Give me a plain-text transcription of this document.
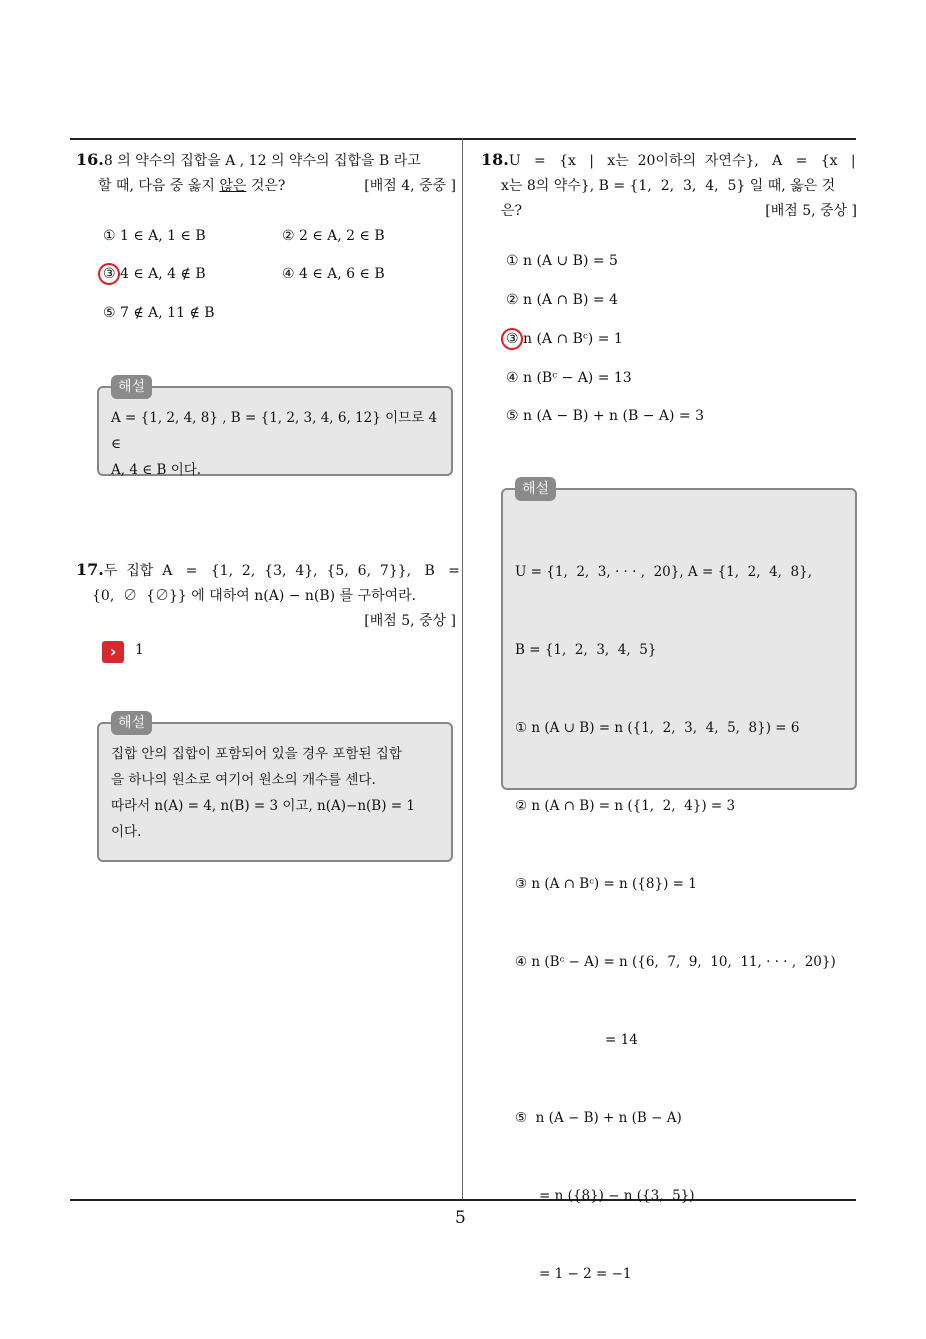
5
16.8 의 약수의 집합을 A , 12 의 약수의 집합을 B 라고
할 때, 다음 중 옳지 않은 것은?	[배점 4, 중중 ]
① 1 ∈ A, 1 ∈ B	② 2 ∈ A, 2 ∈ B
③ 4 ∈ A, 4 ∉ B	④ 4 ∈ A, 6 ∈ B
⑤ 7 ∉ A, 11 ∉ B
해설
A = {1, 2, 4, 8} , B = {1, 2, 3, 4, 6, 12} 이므로 4 ∈
A, 4 ∈ B 이다.
17.두  집합  A   =   {1,  2,  {3,  4},  {5,  6,  7}},   B   =
{0,  ∅  {∅}} 에 대하여 n(A) − n(B) 를 구하여라.
[배점 5, 중상 ]
›	1
해설
집합 안의 집합이 포함되어 있을 경우 포함된 집합
을 하나의 원소로 여기어 원소의 개수를 센다.
따라서 n(A) = 4, n(B) = 3 이고, n(A)−n(B) = 1
이다.
18.U   =   {x   |   x는  20이하의  자연수},   A   =   {x   |
x는 8의 약수}, B = {1,  2,  3,  4,  5} 일 때, 옳은 것
은?	[배점 5, 중상 ]
① n (A ∪ B) = 5
② n (A ∩ B) = 4
③ n (A ∩ Bᶜ) = 1
④ n (Bᶜ − A) = 13
⑤ n (A − B) + n (B − A) = 3
해설

U = {1,  2,  3, · · · ,  20}, A = {1,  2,  4,  8},

B = {1,  2,  3,  4,  5}

① n (A ∪ B) = n ({1,  2,  3,  4,  5,  8}) = 6

② n (A ∩ B) = n ({1,  2,  4}) = 3

③ n (A ∩ Bᶜ) = n ({8}) = 1

④ n (Bᶜ − A) = n ({6,  7,  9,  10,  11, · · · ,  20})

= 14

⑤  n (A − B) + n (B − A)

= n ({8}) − n ({3,  5})

= 1 − 2 = −1
